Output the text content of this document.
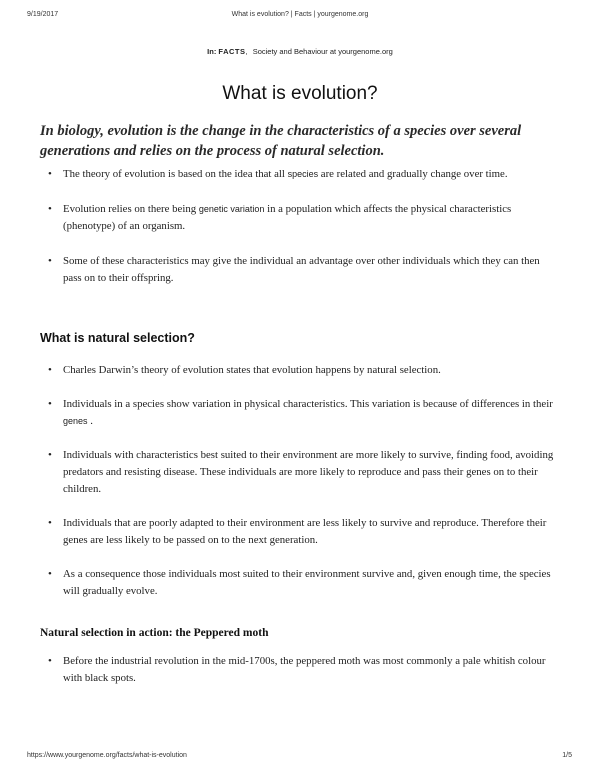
9/19/2017	What is evolution? | Facts | yourgenome.org
In: FACTS, Society and Behaviour at yourgenome.org
What is evolution?

In biology, evolution is the change in the characteristics of a species over several generations and relies on the process of natural selection.

• The theory of evolution is based on the idea that all species are related and gradually change over time.
• Evolution relies on there being genetic variation in a population which affects the physical characteristics (phenotype) of an organism.
• Some of these characteristics may give the individual an advantage over other individuals which they can then pass on to their offspring.
What is natural selection?
• Charles Darwin’s theory of evolution states that evolution happens by natural selection.
• Individuals in a species show variation in physical characteristics. This variation is because of differences in their genes .
• Individuals with characteristics best suited to their environment are more likely to survive, finding food, avoiding predators and resisting disease. These individuals are more likely to reproduce and pass their genes on to their children.
• Individuals that are poorly adapted to their environment are less likely to survive and reproduce. Therefore their genes are less likely to be passed on to the next generation.
• As a consequence those individuals most suited to their environment survive and, given enough time, the species will gradually evolve.
Natural selection in action: the Peppered moth
• Before the industrial revolution in the mid-1700s, the peppered moth was most commonly a pale whitish colour with black spots.
https://www.yourgenome.org/facts/what-is-evolution	1/5
